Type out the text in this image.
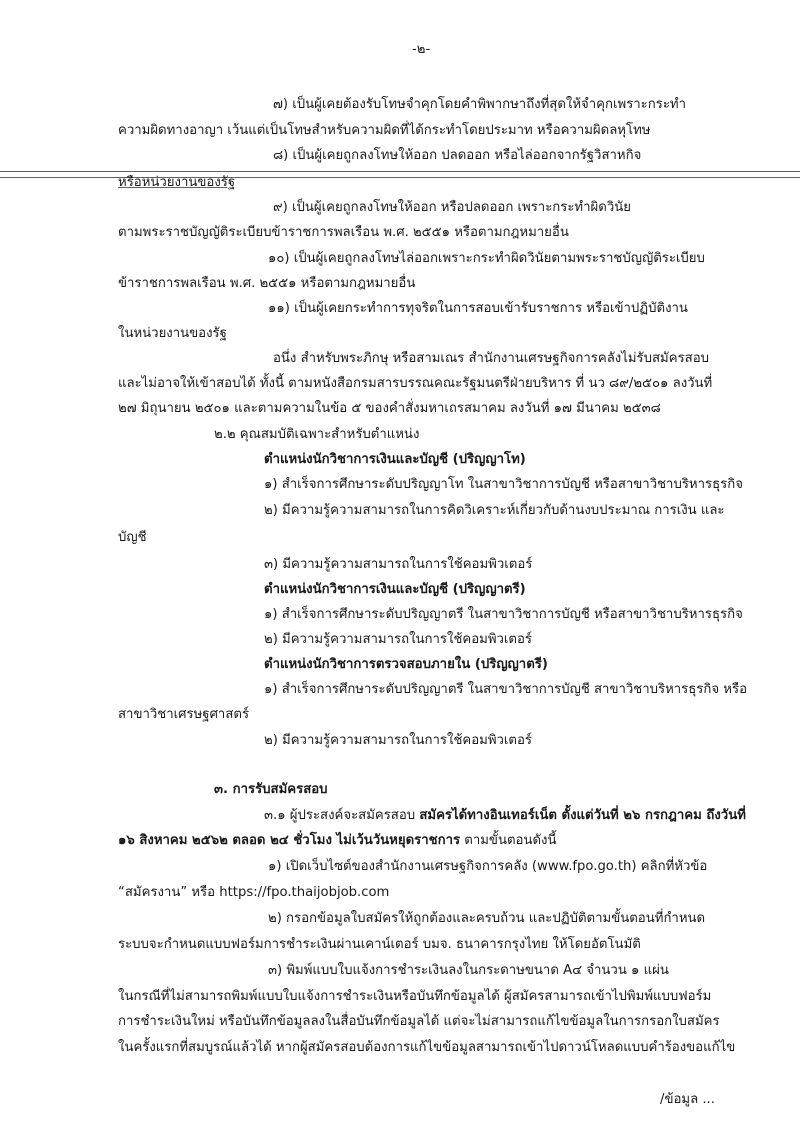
-๒-
๗) เป็นผู้เคยต้องรับโทษจำคุกโดยคำพิพากษาถึงที่สุดให้จำคุกเพราะกระทำ
ความผิดทางอาญา เว้นแต่เป็นโทษสำหรับความผิดที่ได้กระทำโดยประมาท หรือความผิดลหุโทษ
๘) เป็นผู้เคยถูกลงโทษให้ออก ปลดออก หรือไล่ออกจากรัฐวิสาหกิจ
หรือหน่วยงานของรัฐ
๙) เป็นผู้เคยถูกลงโทษให้ออก หรือปลดออก เพราะกระทำผิดวินัย
ตามพระราชบัญญัติระเบียบข้าราชการพลเรือน พ.ศ. ๒๕๕๑ หรือตามกฎหมายอื่น
๑๐) เป็นผู้เคยถูกลงโทษไล่ออกเพราะกระทำผิดวินัยตามพระราชบัญญัติระเบียบ
ข้าราชการพลเรือน พ.ศ. ๒๕๕๑ หรือตามกฎหมายอื่น
๑๑) เป็นผู้เคยกระทำการทุจริตในการสอบเข้ารับราชการ หรือเข้าปฏิบัติงาน
ในหน่วยงานของรัฐ
อนึ่ง สำหรับพระภิกษุ หรือสามเณร สำนักงานเศรษฐกิจการคลังไม่รับสมัครสอบ
และไม่อาจให้เข้าสอบได้ ทั้งนี้ ตามหนังสือกรมสารบรรณคณะรัฐมนตรีฝ่ายบริหาร ที่ นว ๘๙/๒๕๐๑ ลงวันที่
๒๗ มิถุนายน ๒๕๐๑ และตามความในข้อ ๕ ของคำสั่งมหาเถรสมาคม ลงวันที่ ๑๗ มีนาคม ๒๕๓๘
๒.๒ คุณสมบัติเฉพาะสำหรับตำแหน่ง
ตำแหน่งนักวิชาการเงินและบัญชี (ปริญญาโท)
๑) สำเร็จการศึกษาระดับปริญญาโท ในสาขาวิชาการบัญชี หรือสาขาวิชาบริหารธุรกิจ
๒) มีความรู้ความสามารถในการคิดวิเคราะห์เกี่ยวกับด้านงบประมาณ การเงิน และ
บัญชี
๓) มีความรู้ความสามารถในการใช้คอมพิวเตอร์
ตำแหน่งนักวิชาการเงินและบัญชี (ปริญญาตรี)
๑) สำเร็จการศึกษาระดับปริญญาตรี ในสาขาวิชาการบัญชี หรือสาขาวิชาบริหารธุรกิจ
๒) มีความรู้ความสามารถในการใช้คอมพิวเตอร์
ตำแหน่งนักวิชาการตรวจสอบภายใน (ปริญญาตรี)
๑) สำเร็จการศึกษาระดับปริญญาตรี ในสาขาวิชาการบัญชี สาขาวิชาบริหารธุรกิจ หรือ
สาขาวิชาเศรษฐศาสตร์
๒) มีความรู้ความสามารถในการใช้คอมพิวเตอร์
๓. การรับสมัครสอบ
๓.๑ ผู้ประสงค์จะสมัครสอบ สมัครได้ทางอินเทอร์เน็ต ตั้งแต่วันที่ ๒๖ กรกฎาคม ถึงวันที่
๑๖ สิงหาคม ๒๕๖๒ ตลอด ๒๔ ชั่วโมง ไม่เว้นวันหยุดราชการ ตามขั้นตอนดังนี้
๑) เปิดเว็บไซต์ของสำนักงานเศรษฐกิจการคลัง (www.fpo.go.th) คลิกที่หัวข้อ
“สมัครงาน” หรือ https://fpo.thaijobjob.com
๒) กรอกข้อมูลใบสมัครให้ถูกต้องและครบถ้วน และปฏิบัติตามขั้นตอนที่กำหนด
ระบบจะกำหนดแบบฟอร์มการชำระเงินผ่านเคาน์เตอร์ บมจ. ธนาคารกรุงไทย ให้โดยอัตโนมัติ
๓) พิมพ์แบบใบแจ้งการชำระเงินลงในกระดาษขนาด A๔ จำนวน ๑ แผ่น
ในกรณีที่ไม่สามารถพิมพ์แบบใบแจ้งการชำระเงินหรือบันทึกข้อมูลได้ ผู้สมัครสามารถเข้าไปพิมพ์แบบฟอร์ม
การชำระเงินใหม่ หรือบันทึกข้อมูลลงในสื่อบันทึกข้อมูลได้ แต่จะไม่สามารถแก้ไขข้อมูลในการกรอกใบสมัคร
ในครั้งแรกที่สมบูรณ์แล้วได้ หากผู้สมัครสอบต้องการแก้ไขข้อมูลสามารถเข้าไปดาวน์โหลดแบบคำร้องขอแก้ไข
/ข้อมูล ...
